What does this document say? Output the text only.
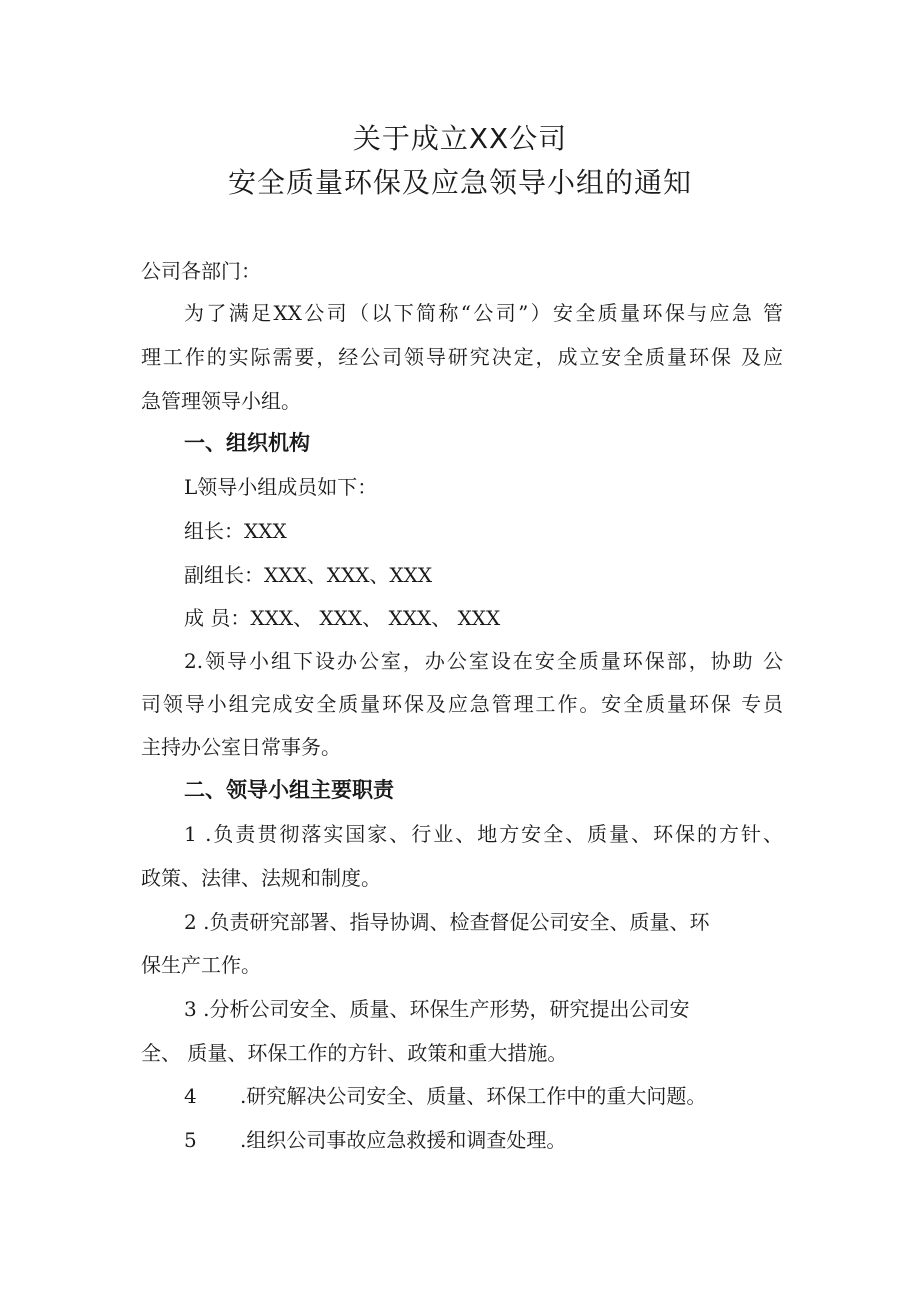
关于成立XX公司
安全质量环保及应急领导小组的通知
公司各部门：
为了满足XX公司（以下简称“公司”）安全质量环保与应急 管
理工作的实际需要，经公司领导研究决定，成立安全质量环保 及应
急管理领导小组。
一、组织机构
L领导小组成员如下：
组长：XXX
副组长：XXX、XXX、XXX
成 员：XXX、 XXX、 XXX、 XXX
2.领导小组下设办公室，办公室设在安全质量环保部，协助 公
司领导小组完成安全质量环保及应急管理工作。安全质量环保 专员
主持办公室日常事务。
二、领导小组主要职责
1 .负责贯彻落实国家、行业、地方安全、质量、环保的方针、
政策、法律、法规和制度。
2 .负责研究部署、指导协调、检查督促公司安全、质量、环
保生产工作。
3 .分析公司安全、质量、环保生产形势，研究提出公司安
全、 质量、环保工作的方针、政策和重大措施。
4 .研究解决公司安全、质量、环保工作中的重大问题。
5 .组织公司事故应急救援和调查处理。
